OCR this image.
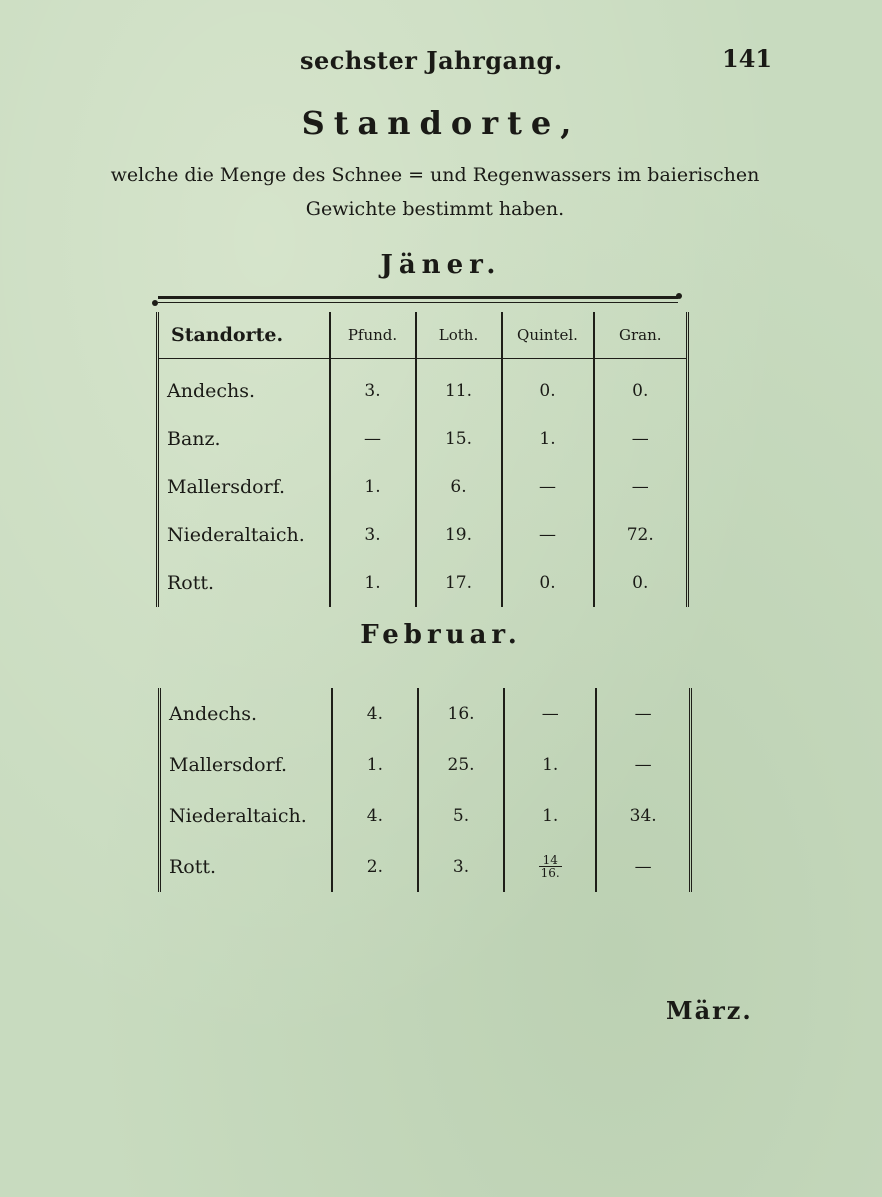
sechster Jahrgang.	141
Standorte,
welche die Menge des Schnee = und Regenwassers im baierischen
Gewichte bestimmt haben.
Jäner.
Standorte.	Pfund.	Loth.	Quintel.	Gran.
Andechs.	3.	11.	0.	0.
Banz.	—	15.	1.	—
Mallersdorf.	1.	6.	—	—
Niederaltaich.	3.	19.	—	72.
Rott.	1.	17.	0.	0.
Februar.
Andechs.	4.	16.	—	—
Mallersdorf.	1.	25.	1.	—
Niederaltaich.	4.	5.	1.	34.
Rott.	2.	3.	$\frac{14}{16.}$	—
März.
